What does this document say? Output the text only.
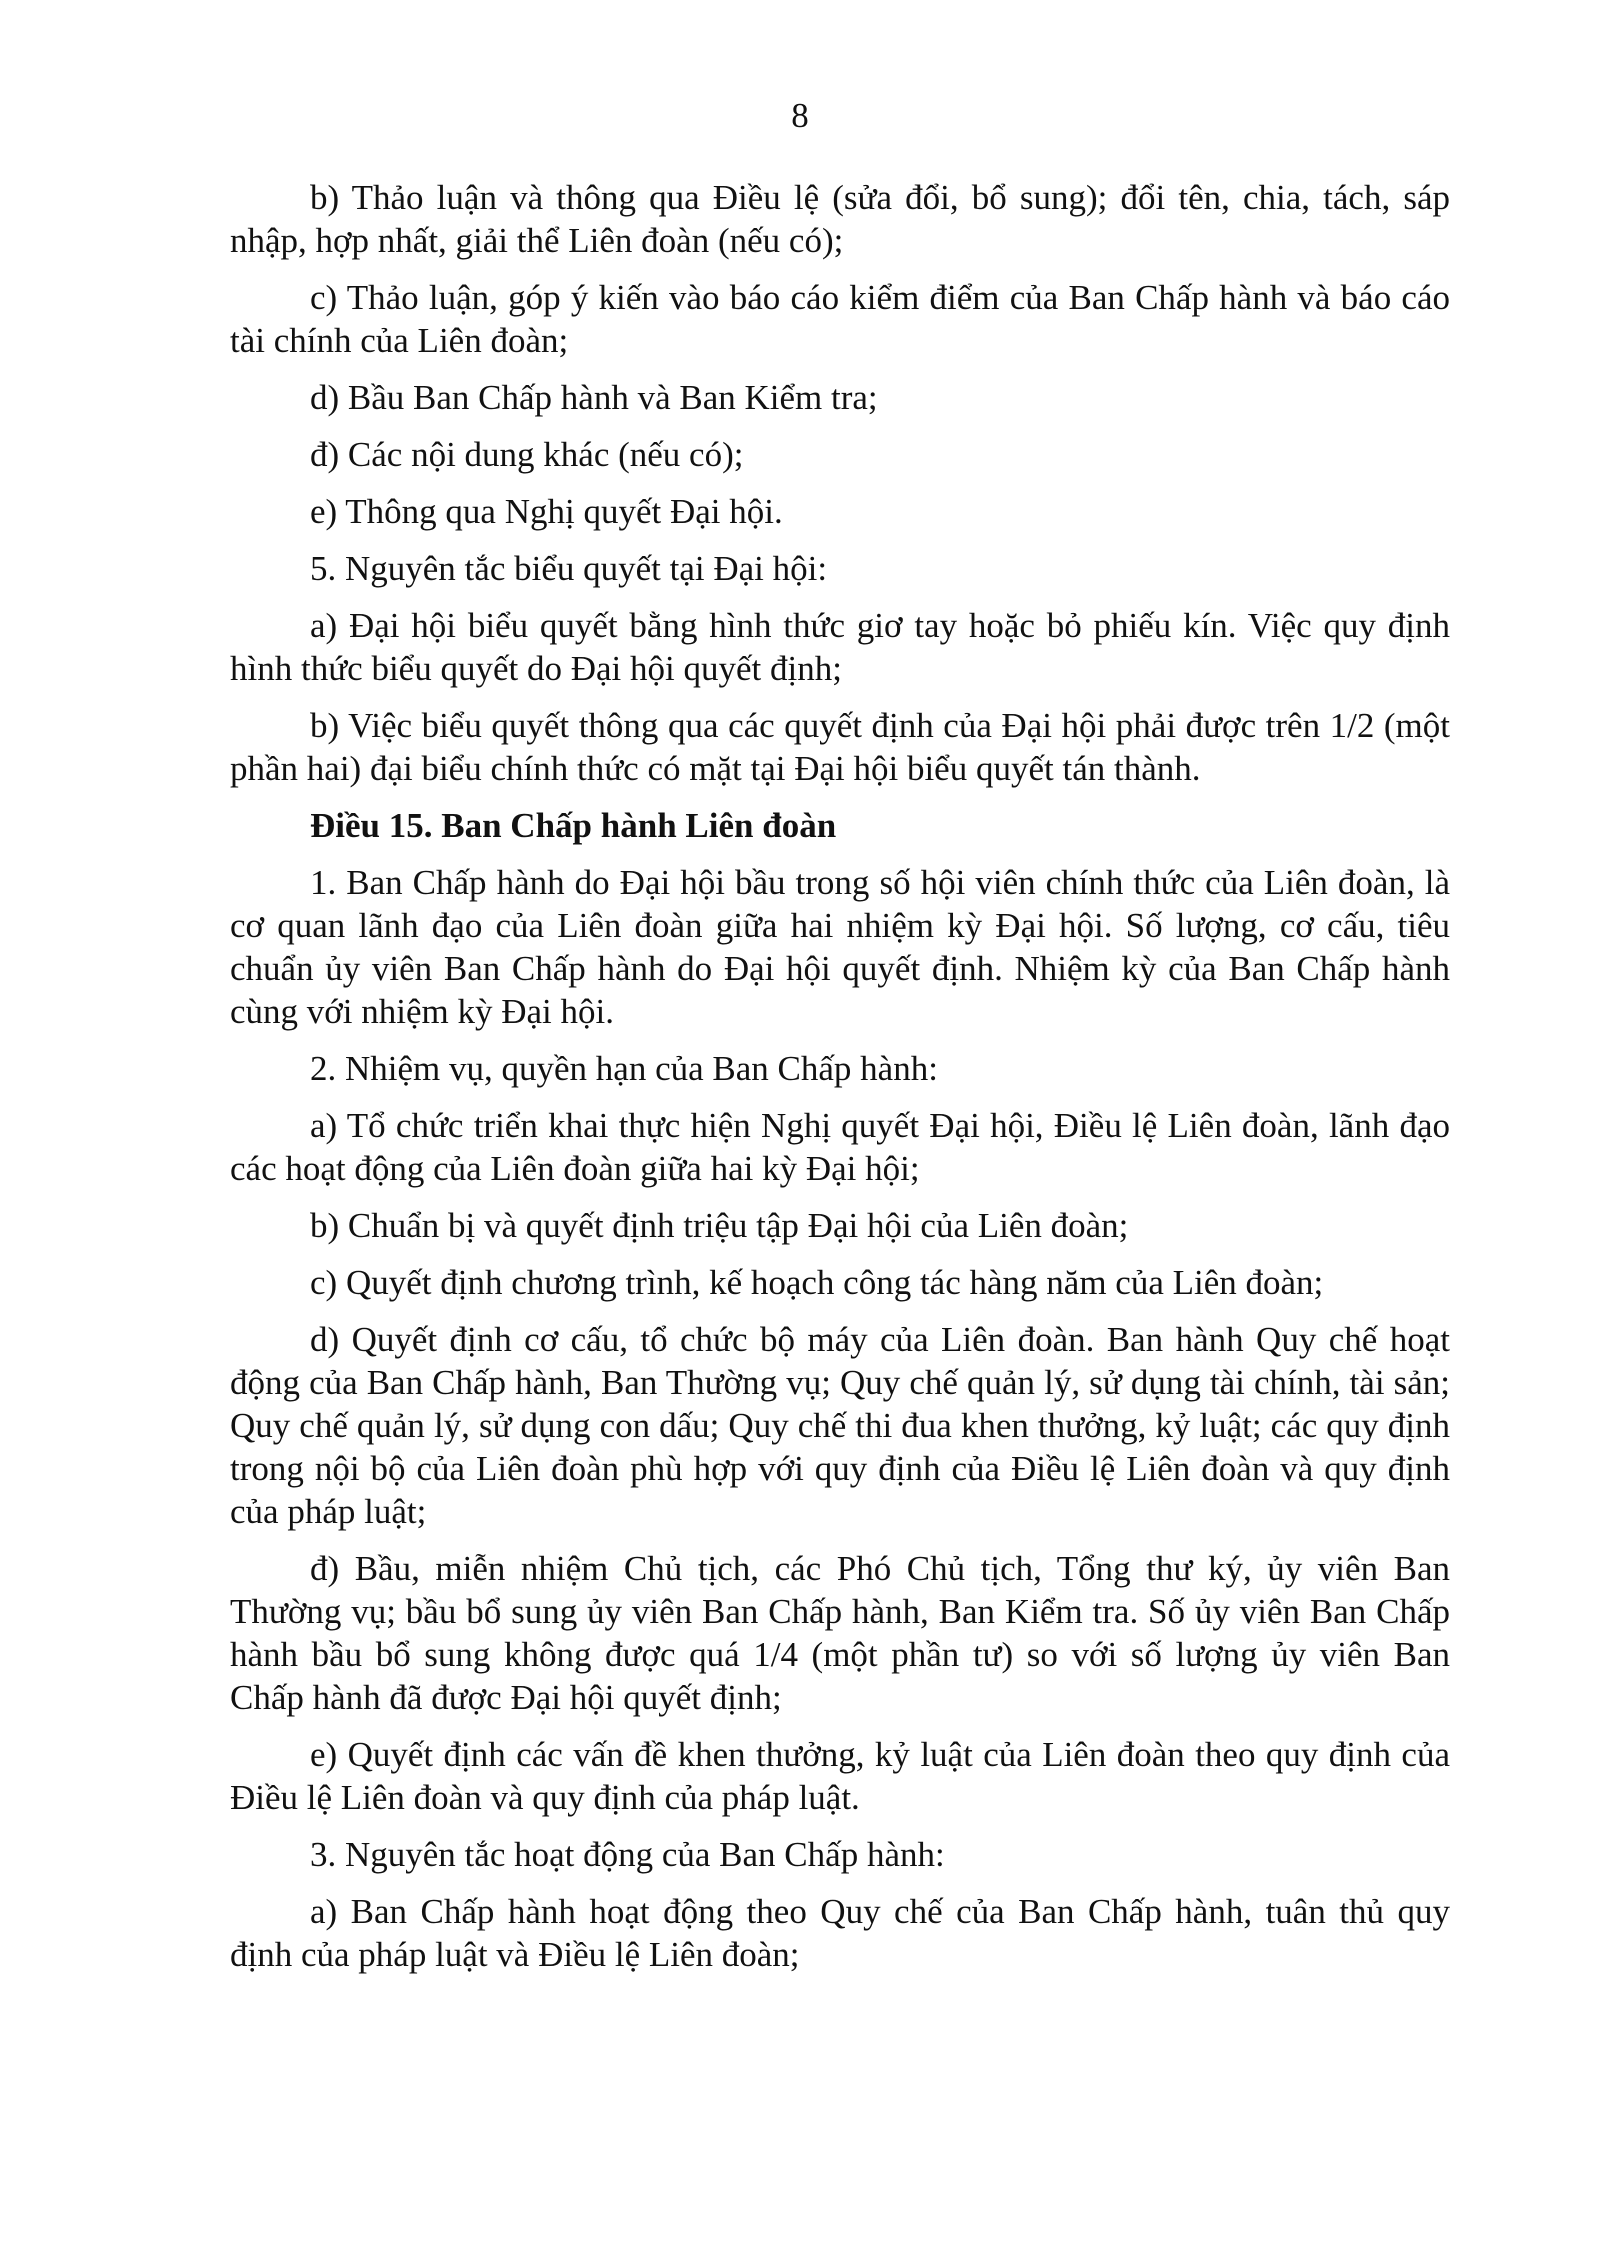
8

b) Thảo luận và thông qua Điều lệ (sửa đổi, bổ sung); đổi tên, chia, tách, sáp nhập, hợp nhất, giải thể Liên đoàn (nếu có);

c) Thảo luận, góp ý kiến vào báo cáo kiểm điểm của Ban Chấp hành và báo cáo tài chính của Liên đoàn;

d) Bầu Ban Chấp hành và Ban Kiểm tra;

đ) Các nội dung khác (nếu có);

e) Thông qua Nghị quyết Đại hội.

5. Nguyên tắc biểu quyết tại Đại hội:

a) Đại hội biểu quyết bằng hình thức giơ tay hoặc bỏ phiếu kín. Việc quy định hình thức biểu quyết do Đại hội quyết định;

b) Việc biểu quyết thông qua các quyết định của Đại hội phải được trên 1/2 (một phần hai) đại biểu chính thức có mặt tại Đại hội biểu quyết tán thành.

Điều 15. Ban Chấp hành Liên đoàn

1. Ban Chấp hành do Đại hội bầu trong số hội viên chính thức của Liên đoàn, là cơ quan lãnh đạo của Liên đoàn giữa hai nhiệm kỳ Đại hội. Số lượng, cơ cấu, tiêu chuẩn ủy viên Ban Chấp hành do Đại hội quyết định. Nhiệm kỳ của Ban Chấp hành cùng với nhiệm kỳ Đại hội.

2. Nhiệm vụ, quyền hạn của Ban Chấp hành:

a) Tổ chức triển khai thực hiện Nghị quyết Đại hội, Điều lệ Liên đoàn, lãnh đạo các hoạt động của Liên đoàn giữa hai kỳ Đại hội;

b) Chuẩn bị và quyết định triệu tập Đại hội của Liên đoàn;

c) Quyết định chương trình, kế hoạch công tác hàng năm của Liên đoàn;

d) Quyết định cơ cấu, tổ chức bộ máy của Liên đoàn. Ban hành Quy chế hoạt động của Ban Chấp hành, Ban Thường vụ; Quy chế quản lý, sử dụng tài chính, tài sản; Quy chế quản lý, sử dụng con dấu; Quy chế thi đua khen thưởng, kỷ luật; các quy định trong nội bộ của Liên đoàn phù hợp với quy định của Điều lệ Liên đoàn và quy định của pháp luật;

đ) Bầu, miễn nhiệm Chủ tịch, các Phó Chủ tịch, Tổng thư ký, ủy viên Ban Thường vụ; bầu bổ sung ủy viên Ban Chấp hành, Ban Kiểm tra. Số ủy viên Ban Chấp hành bầu bổ sung không được quá 1/4 (một phần tư) so với số lượng ủy viên Ban Chấp hành đã được Đại hội quyết định;

e) Quyết định các vấn đề khen thưởng, kỷ luật của Liên đoàn theo quy định của Điều lệ Liên đoàn và quy định của pháp luật.

3. Nguyên tắc hoạt động của Ban Chấp hành:

a) Ban Chấp hành hoạt động theo Quy chế của Ban Chấp hành, tuân thủ quy định của pháp luật và Điều lệ Liên đoàn;
